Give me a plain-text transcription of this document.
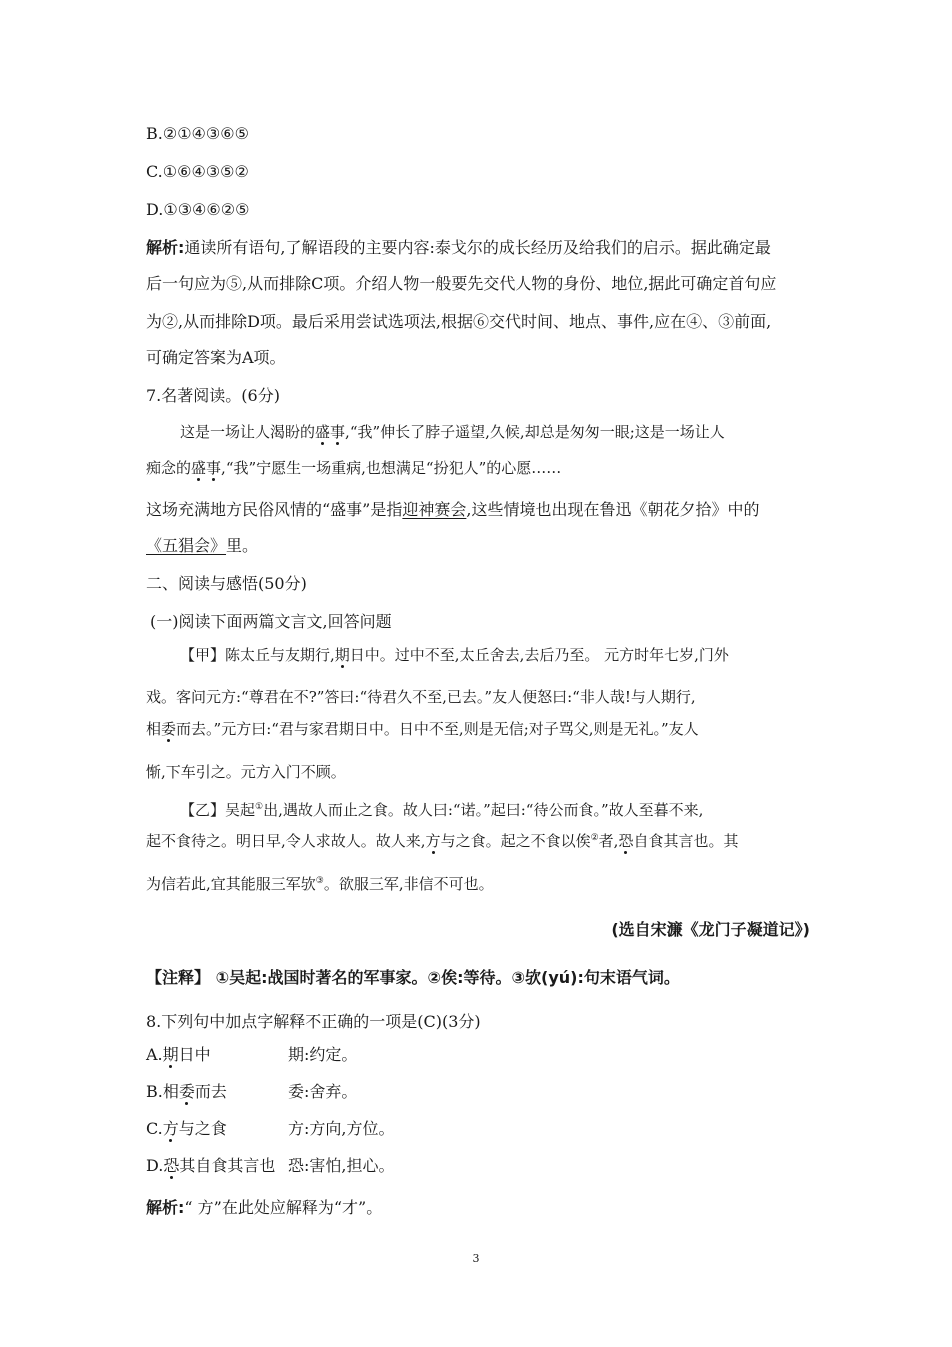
B.②①④③⑥⑤
C.①⑥④③⑤②
D.①③④⑥②⑤
解析:通读所有语句,了解语段的主要内容:泰戈尔的成长经历及给我们的启示。据此确定最
后一句应为⑤,从而排除C项。介绍人物一般要先交代人物的身份、地位,据此可确定首句应
为②,从而排除D项。最后采用尝试选项法,根据⑥交代时间、地点、事件,应在④、③前面,
可确定答案为A项。
7.名著阅读。(6分)
这是一场让人渴盼的盛事,“我”伸长了脖子遥望,久候,却总是匆匆一眼;这是一场让人
痴念的盛事,“我”宁愿生一场重病,也想满足“扮犯人”的心愿……
这场充满地方民俗风情的“盛事”是指迎神赛会,这些情境也出现在鲁迅《朝花夕拾》中的
《五猖会》里。
二、阅读与感悟(50分)
(一)阅读下面两篇文言文,回答问题
【甲】陈太丘与友期行,期日中。过中不至,太丘舍去,去后乃至。 元方时年七岁,门外
戏。客问元方:“尊君在不?”答曰:“待君久不至,已去。”友人便怒曰:“非人哉!与人期行,
相委而去。”元方曰:“君与家君期日中。日中不至,则是无信;对子骂父,则是无礼。”友人
惭,下车引之。元方入门不顾。
【乙】吴起①出,遇故人而止之食。故人曰:“诺。”起曰:“待公而食。”故人至暮不来,
起不食待之。明日早,令人求故人。故人来,方与之食。起之不食以俟②者,恐自食其言也。其
为信若此,宜其能服三军欤③。欲服三军,非信不可也。
(选自宋濂《龙门子凝道记》)
【注释】 ①吴起:战国时著名的军事家。②俟:等待。③欤(yú):句末语气词。
8.下列句中加点字解释不正确的一项是(C)(3分)
A.期日中	期:约定。
B.相委而去	委:舍弃。
C.方与之食	方:方向,方位。
D.恐其自食其言也 恐:害怕,担心。
解析:“ 方”在此处应解释为“才”。
3
